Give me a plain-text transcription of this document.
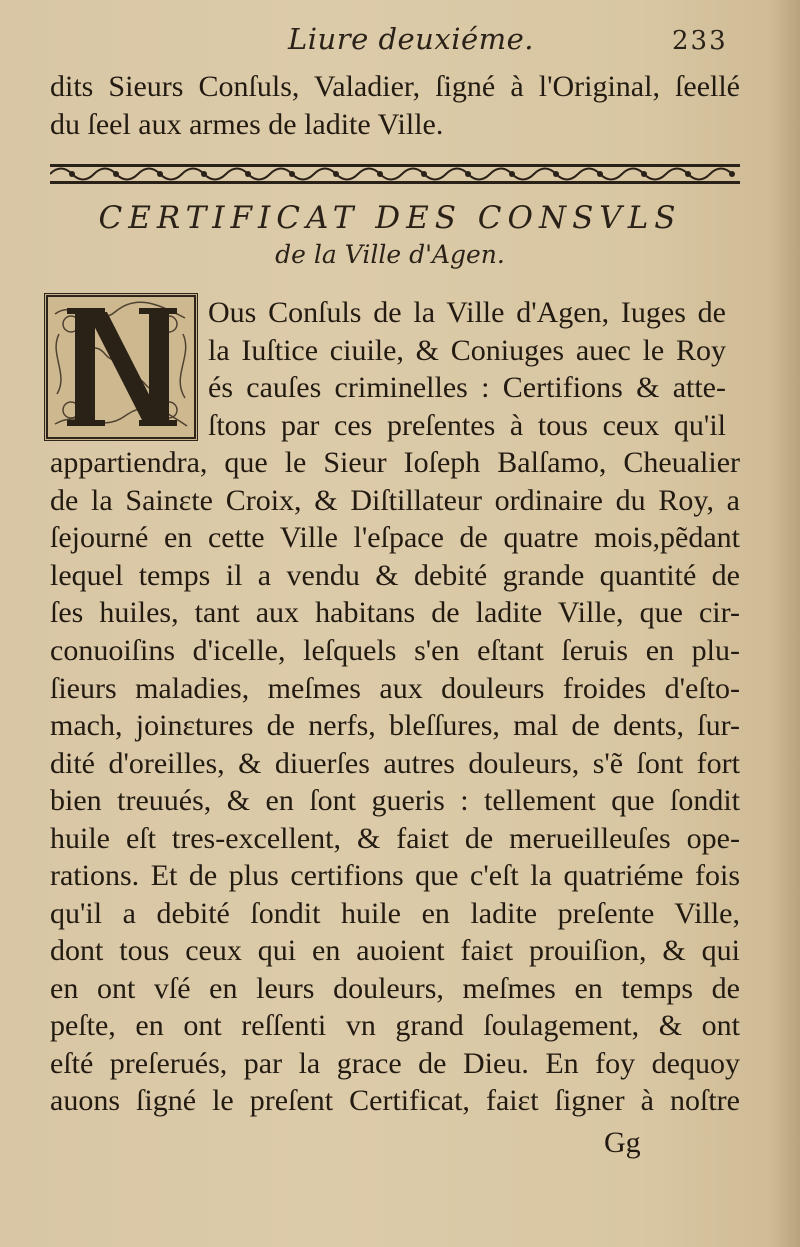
Liure deuxiéme.	233
dits Sieurs Conſuls, Valadier, ſigné à l'Original, ſeellé
du ſeel aux armes de ladite Ville.
CERTIFICAT DES CONSVLS
de la Ville d'Agen.
Ous Conſuls de la Ville d'Agen, Iuges de
la Iuſtice ciuile, & Coniuges auec le Roy
és cauſes criminelles : Certifions & atte-
ſtons par ces preſentes à tous ceux qu'il
appartiendra, que le Sieur Ioſeph Balſamo, Cheualier
de la Sainɛte Croix, & Diſtillateur ordinaire du Roy, a
ſejourné en cette Ville l'eſpace de quatre mois,pẽdant
lequel temps il a vendu & debité grande quantité de
ſes huiles, tant aux habitans de ladite Ville, que cir-
conuoiſins d'icelle, leſquels s'en eſtant ſeruis en plu-
ſieurs maladies, meſmes aux douleurs froides d'eſto-
mach, joinɛtures de nerfs, bleſſures, mal de dents, ſur-
dité d'oreilles, & diuerſes autres douleurs, s'ẽ ſont fort
bien treuués, & en ſont gueris : tellement que ſondit
huile eſt tres-excellent, & faiɛt de merueilleuſes ope-
rations. Et de plus certifions que c'eſt la quatriéme fois
qu'il a debité ſondit huile en ladite preſente Ville,
dont tous ceux qui en auoient faiɛt prouiſion, & qui
en ont vſé en leurs douleurs, meſmes en temps de
peſte, en ont reſſenti vn grand ſoulagement, & ont
eſté preſerués, par la grace de Dieu. En foy dequoy
auons ſigné le preſent Certificat, faiɛt ſigner à noſtre
Gg
